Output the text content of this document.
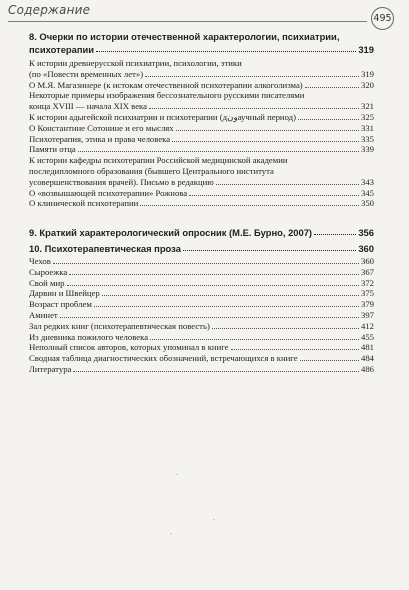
Содержание
495
8. Очерки по истории отечественной характерологии, психиатрии,
психотерапии	319
К истории древнерусской психиатрии, психологии, этики
(по «Повести временных лет»)	319
О М.Я. Магазинере (к истокам отечественной психотерапии алкоголизма)	320
Некоторые примеры изображения бессознательного русскими писателями
конца XVIII — начала XIX века	321
К истории адыгейской психиатрии и психотерапии (дونаучный период)	325
О Константине Сотонине и его мыслях	331
Психотерапия, этика и права человека	335
Памяти отца	339
К истории кафедры психотерапии Российской медицинской академии
последипломного образования (бывшего Центрального института
усовершенствования врачей). Письмо в редакцию	343
О «возвышающей психотерапии» Рожнова	345
О клинической психотерапии	350
9. Краткий характерологический опросник (М.Е. Бурно, 2007)	356
10. Психотерапевтическая проза	360
Чехов	360
Сыроежка	367
Свой мир	372
Дарвин и Швейцер	375
Возраст проблем	379
Аминет	397
Зал редких книг (психотерапевтическая повесть)	412
Из дневника пожилого человека	455
Неполный список авторов, которых упоминал в книге	481
Сводная таблица диагностических обозначений, встречающихся в книге	484
Литература	486
